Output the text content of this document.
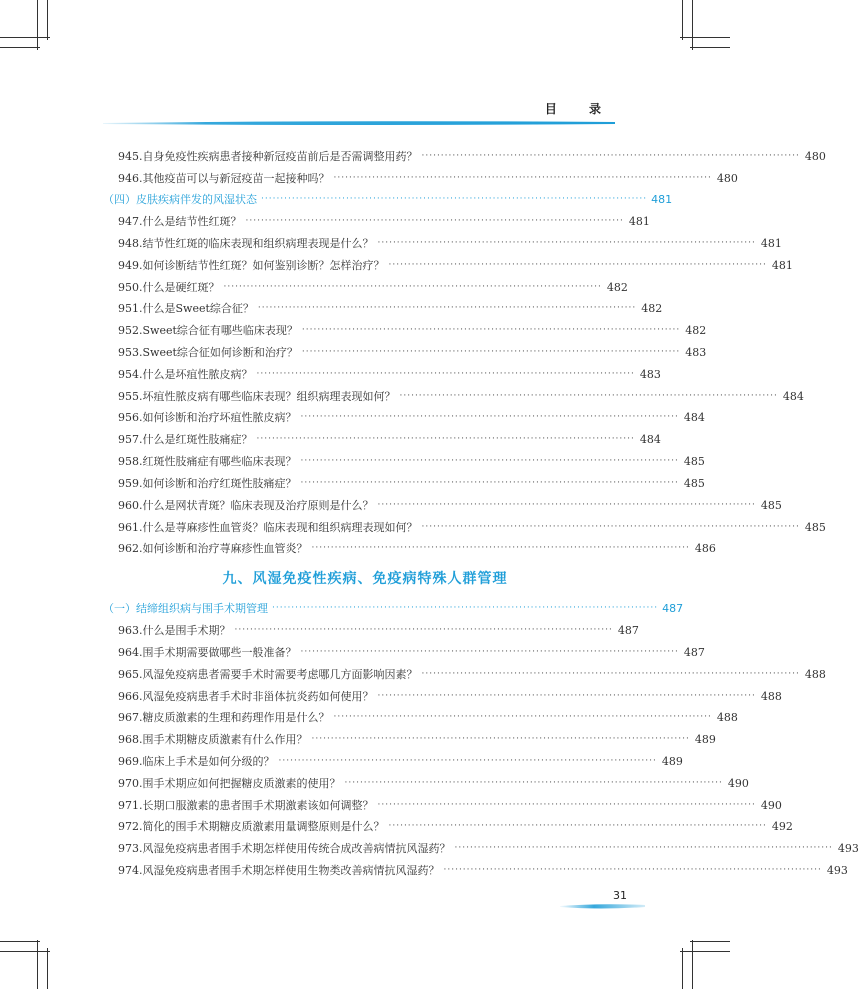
目 录
945 . 自身免疫性疾病患者接种新冠疫苗前后是否需调整用药？ ·································································································· 480
946 . 其他疫苗可以与新冠疫苗一起接种吗？ ·································································································· 480
（四）皮肤疾病伴发的风湿状态 ···································································································· 481
947 . 什么是结节性红斑？ ·································································································· 481
948 . 结节性红斑的临床表现和组织病理表现是什么？ ·································································································· 481
949 . 如何诊断结节性红斑？如何鉴别诊断？怎样治疗？ ·································································································· 481
950 . 什么是硬红斑？ ·································································································· 482
951 . 什么是Sweet综合征？ ·································································································· 482
952 . Sweet综合征有哪些临床表现？ ·································································································· 482
953 . Sweet综合征如何诊断和治疗？ ·································································································· 483
954 . 什么是坏疽性脓皮病？ ·································································································· 483
955 . 坏疽性脓皮病有哪些临床表现？组织病理表现如何？ ·································································································· 484
956 . 如何诊断和治疗坏疽性脓皮病？ ·································································································· 484
957 . 什么是红斑性肢痛症？ ·································································································· 484
958 . 红斑性肢痛症有哪些临床表现？ ·································································································· 485
959 . 如何诊断和治疗红斑性肢痛症？ ·································································································· 485
960 . 什么是网状青斑？临床表现及治疗原则是什么？ ·································································································· 485
961 . 什么是荨麻疹性血管炎？临床表现和组织病理表现如何？ ·································································································· 485
962 . 如何诊断和治疗荨麻疹性血管炎？ ·································································································· 486
九、风湿免疫性疾病、免疫病特殊人群管理
（一）结缔组织病与围手术期管理 ···································································································· 487
963 . 什么是围手术期？ ·································································································· 487
964 . 围手术期需要做哪些一般准备？ ·································································································· 487
965 . 风湿免疫病患者需要手术时需要考虑哪几方面影响因素？ ·································································································· 488
966 . 风湿免疫病患者手术时非甾体抗炎药如何使用？ ·································································································· 488
967 . 糖皮质激素的生理和药理作用是什么？ ·································································································· 488
968 . 围手术期糖皮质激素有什么作用？ ·································································································· 489
969 . 临床上手术是如何分级的？ ·································································································· 489
970 . 围手术期应如何把握糖皮质激素的使用？ ·································································································· 490
971 . 长期口服激素的患者围手术期激素该如何调整？ ·································································································· 490
972 . 简化的围手术期糖皮质激素用量调整原则是什么？ ·································································································· 492
973 . 风湿免疫病患者围手术期怎样使用传统合成改善病情抗风湿药？ ·································································································· 493
974 . 风湿免疫病患者围手术期怎样使用生物类改善病情抗风湿药？ ·································································································· 493
31
